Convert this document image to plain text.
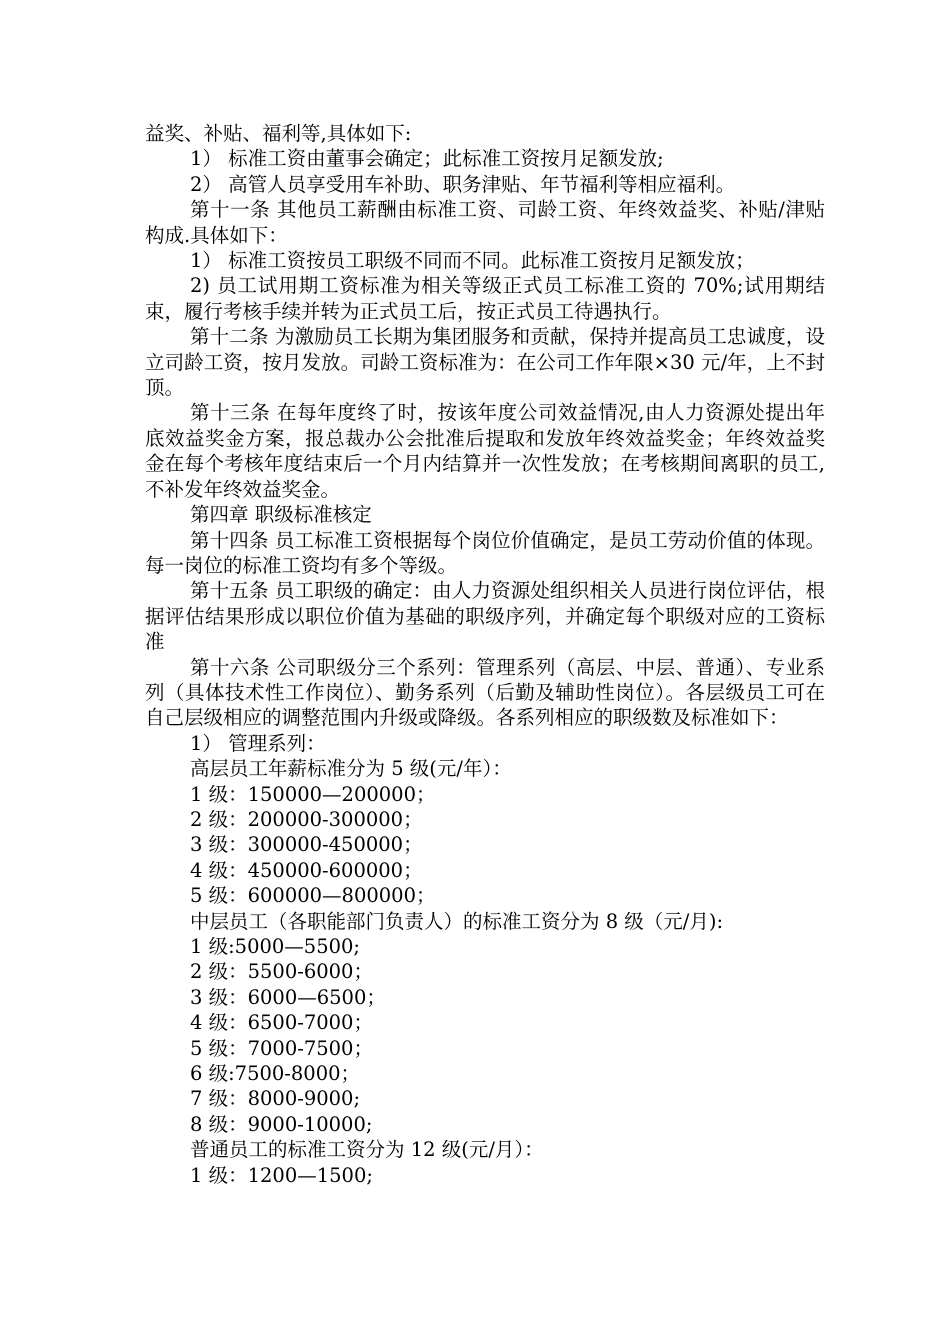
益奖、补贴、福利等,具体如下:

1） 标准工资由董事会确定；此标准工资按月足额发放;

2） 高管人员享受用车补助、职务津贴、年节福利等相应福利。

第十一条 其他员工薪酬由标准工资、司龄工资、年终效益奖、补贴/津贴构成.具体如下：

1） 标准工资按员工职级不同而不同。此标准工资按月足额发放；

2) 员工试用期工资标准为相关等级正式员工标准工资的 70%;试用期结束，履行考核手续并转为正式员工后，按正式员工待遇执行。

第十二条 为激励员工长期为集团服务和贡献，保持并提高员工忠诚度，设立司龄工资，按月发放。司龄工资标准为：在公司工作年限×30 元/年，上不封顶。

第十三条 在每年度终了时，按该年度公司效益情况,由人力资源处提出年底效益奖金方案，报总裁办公会批准后提取和发放年终效益奖金；年终效益奖金在每个考核年度结束后一个月内结算并一次性发放；在考核期间离职的员工,不补发年终效益奖金。

第四章 职级标准核定

第十四条 员工标准工资根据每个岗位价值确定，是员工劳动价值的体现。每一岗位的标准工资均有多个等级。

第十五条 员工职级的确定：由人力资源处组织相关人员进行岗位评估，根据评估结果形成以职位价值为基础的职级序列，并确定每个职级对应的工资标准

第十六条 公司职级分三个系列：管理系列（高层、中层、普通）、专业系列（具体技术性工作岗位）、勤务系列（后勤及辅助性岗位）。各层级员工可在自己层级相应的调整范围内升级或降级。各系列相应的职级数及标准如下：

1） 管理系列：

高层员工年薪标准分为 5 级(元/年）：

1 级：150000—200000；

2 级：200000-300000；

3 级：300000-450000；

4 级：450000-600000；

5 级：600000—800000；

中层员工（各职能部门负责人）的标准工资分为 8 级（元/月):

1 级:5000—5500;

2 级：5500-6000；

3 级：6000—6500；

4 级：6500-7000；

5 级：7000-7500；

6 级:7500-8000；

7 级：8000-9000;

8 级：9000-10000;

普通员工的标准工资分为 12 级(元/月）：

1 级：1200—1500;
